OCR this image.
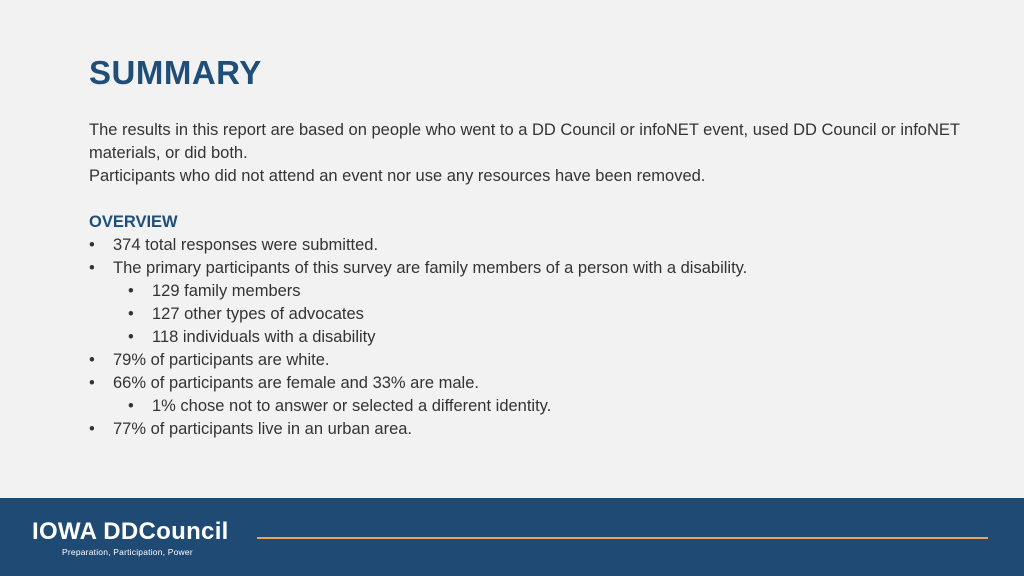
SUMMARY

The results in this report are based on people who went to a DD Council or infoNET event, used DD Council or infoNET materials, or did both.

Participants who did not attend an event nor use any resources have been removed.

OVERVIEW
• 374 total responses were submitted.
• The primary participants of this survey are family members of a person with a disability.
• 129 family members
• 127 other types of advocates
• 118 individuals with a disability
• 79% of participants are white.
• 66% of participants are female and 33% are male.
• 1% chose not to answer or selected a different identity.
• 77% of participants live in an urban area.
IOWA DDCouncil
Preparation, Participation, Power
